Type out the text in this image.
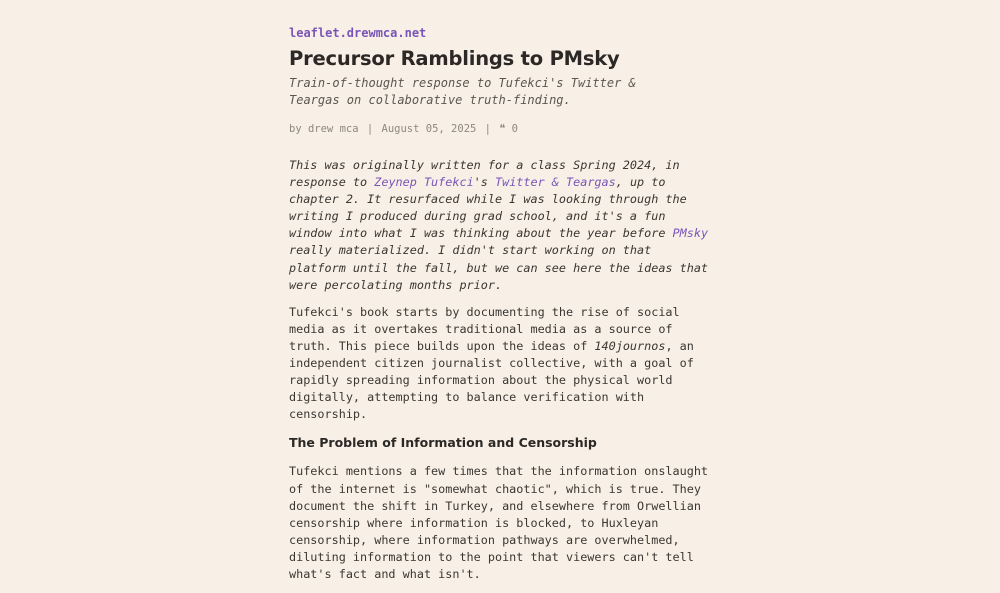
leaflet.drewmca.net
Precursor Ramblings to PMsky
Train-of-thought response to Tufekci's Twitter & Teargas on collaborative truth-finding.
by drew mca | August 05, 2025 | ❝ 0

This was originally written for a class Spring 2024, in response to Zeynep Tufekci's Twitter & Teargas, up to chapter 2. It resurfaced while I was looking through the writing I produced during grad school, and it's a fun window into what I was thinking about the year before PMsky really materialized. I didn't start working on that platform until the fall, but we can see here the ideas that were percolating months prior.

Tufekci's book starts by documenting the rise of social media as it overtakes traditional media as a source of truth. This piece builds upon the ideas of 140journos, an independent citizen journalist collective, with a goal of rapidly spreading information about the physical world digitally, attempting to balance verification with censorship.

The Problem of Information and Censorship

Tufekci mentions a few times that the information onslaught of the internet is "somewhat chaotic", which is true. They document the shift in Turkey, and elsewhere from Orwellian censorship where information is blocked, to Huxleyan censorship, where information pathways are overwhelmed, diluting information to the point that viewers can't tell what's fact and what isn't.
